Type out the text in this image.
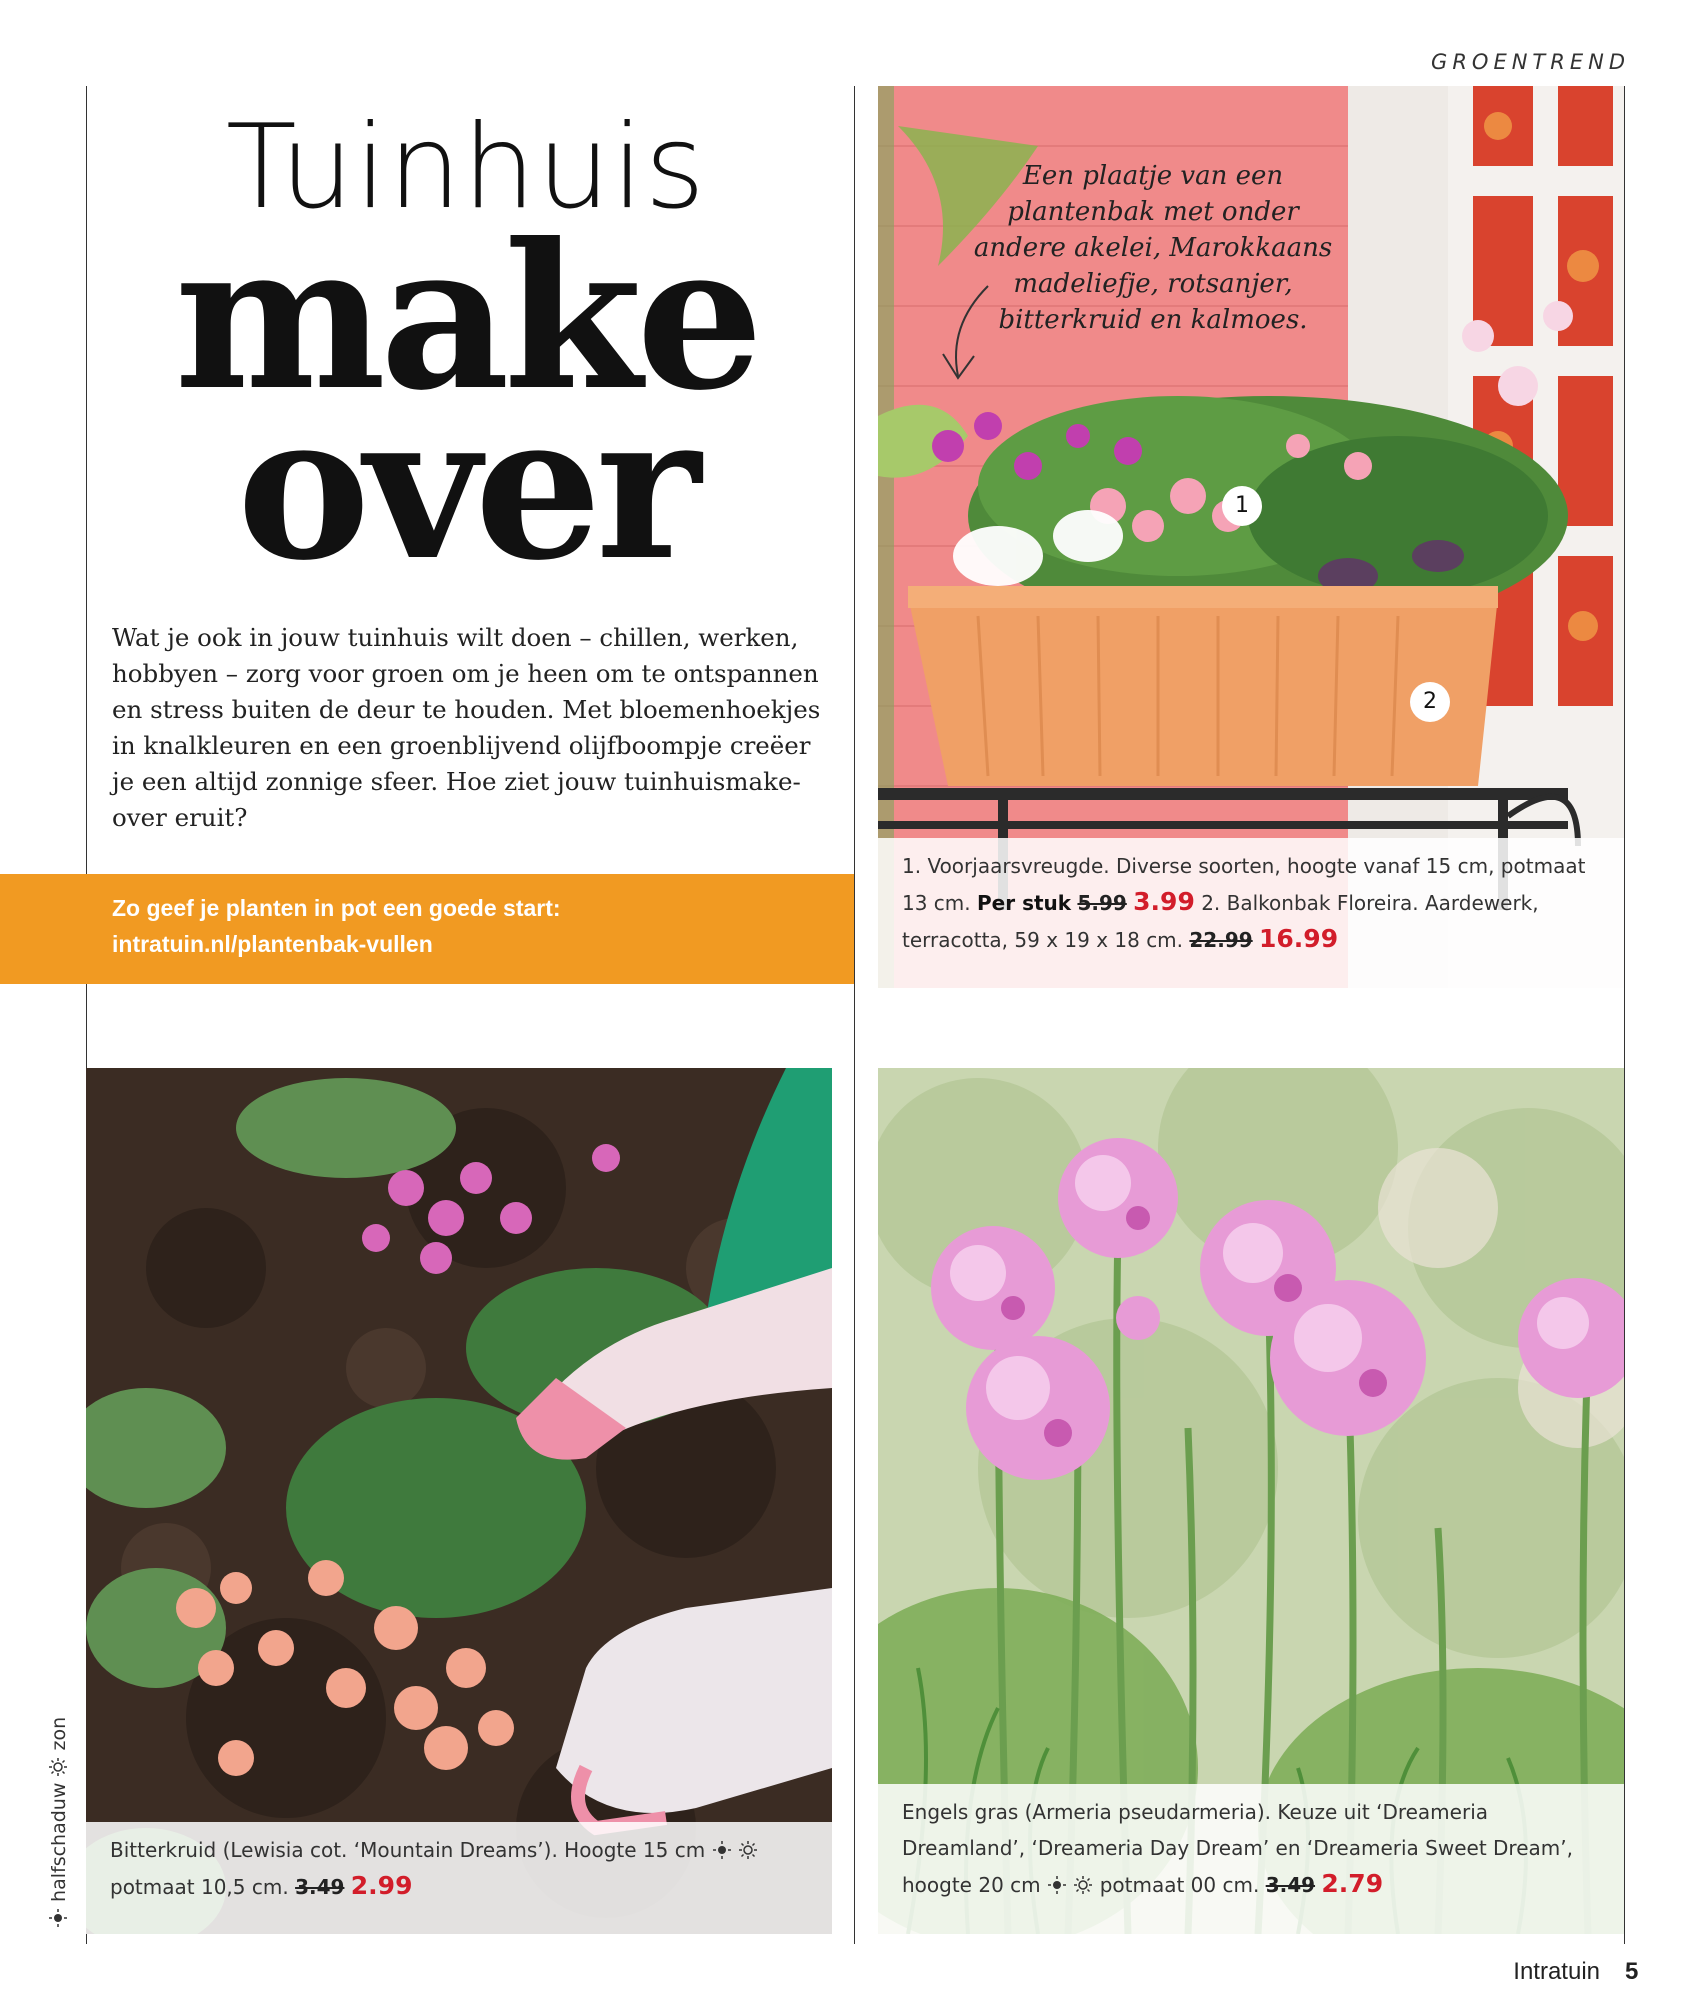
GROENTREND
Tuinhuis
make
over
Wat je ook in jouw tuinhuis wilt doen – chillen, werken, hobbyen – zorg voor groen om je heen om te ontspannen en stress buiten de deur te houden. Met bloemenhoekjes in knalkleuren en een groenblijvend olijfboompje creëer je een altijd zonnige sfeer. Hoe ziet jouw tuinhuismake-over eruit?
Zo geef je planten in pot een goede start:
intratuin.nl/plantenbak-vullen
Een plaatje van een plantenbak met onder andere akelei, Marokkaans madeliefje, rotsanjer, bitterkruid en kalmoes.
1
2
1. Voorjaarsvreugde. Diverse soorten, hoogte vanaf 15 cm, potmaat 13 cm. Per stuk 5.99 3.99 2. Balkonbak Floreira. Aardewerk, terracotta, 59 x 19 x 18 cm. 22.99 16.99
Bitterkruid (Lewisia cot. ‘Mountain Dreams’). Hoogte 15 cm
potmaat 10,5 cm. 3.49 2.99
Engels gras (Armeria pseudarmeria). Keuze uit ‘Dreameria Dreamland’, ‘Dreameria Day Dream’ en ‘Dreameria Sweet Dream’, hoogte 20 cm	potmaat 00 cm. 3.49 2.79
halfschaduw  zon
Intratuin 5
